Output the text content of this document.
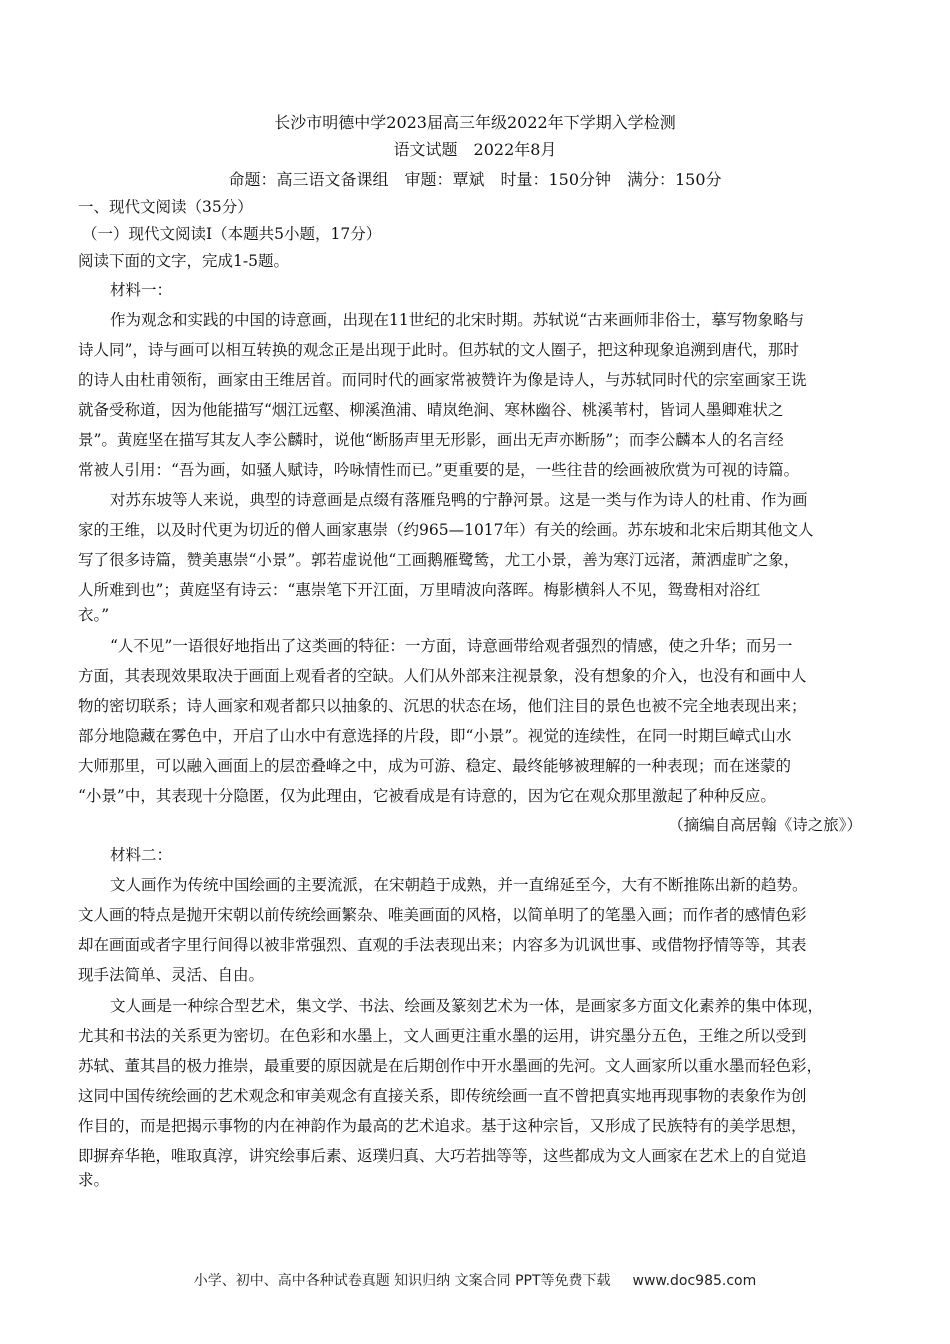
长沙市明德中学2023届高三年级2022年下学期入学检测
语文试题　2022年8月
命题：高三语文备课组　审题：覃斌　时量：150分钟　满分：150分
一、现代文阅读（35分）
（一）现代文阅读Ⅰ（本题共5小题，17分）
阅读下面的文字，完成1-5题。
材料一：
作为观念和实践的中国的诗意画，出现在11世纪的北宋时期。苏轼说“古来画师非俗士，摹写物象略与
诗人同”，诗与画可以相互转换的观念正是出现于此时。但苏轼的文人圈子，把这种现象追溯到唐代，那时
的诗人由杜甫领衔，画家由王维居首。而同时代的画家常被赞许为像是诗人，与苏轼同时代的宗室画家王诜
就备受称道，因为他能描写“烟江远壑、柳溪渔浦、晴岚绝涧、寒林幽谷、桃溪苇村，皆词人墨卿难状之
景”。黄庭坚在描写其友人李公麟时，说他“断肠声里无形影，画出无声亦断肠”；而李公麟本人的名言经
常被人引用：“吾为画，如骚人赋诗，吟咏情性而已。”更重要的是，一些往昔的绘画被欣赏为可视的诗篇。
对苏东坡等人来说，典型的诗意画是点缀有落雁凫鸭的宁静河景。这是一类与作为诗人的杜甫、作为画
家的王维，以及时代更为切近的僧人画家惠崇（约965—1017年）有关的绘画。苏东坡和北宋后期其他文人
写了很多诗篇，赞美惠崇“小景”。郭若虚说他“工画鹅雁鹭鸶，尤工小景，善为寒汀远渚，萧洒虚旷之象，
人所难到也”；黄庭坚有诗云：“惠崇笔下开江面，万里晴波向落晖。梅影横斜人不见，鸳鸯相对浴红
衣。”
“人不见”一语很好地指出了这类画的特征：一方面，诗意画带给观者强烈的情感，使之升华；而另一
方面，其表现效果取决于画面上观看者的空缺。人们从外部来注视景象，没有想象的介入，也没有和画中人
物的密切联系；诗人画家和观者都只以抽象的、沉思的状态在场，他们注目的景色也被不完全地表现出来；
部分地隐藏在雾色中，开启了山水中有意选择的片段，即“小景”。视觉的连续性，在同一时期巨嶂式山水
大师那里，可以融入画面上的层峦叠峰之中，成为可游、稳定、最终能够被理解的一种表现；而在迷蒙的
“小景”中，其表现十分隐匿，仅为此理由，它被看成是有诗意的，因为它在观众那里激起了种种反应。
（摘编自高居翰《诗之旅》）
材料二：
文人画作为传统中国绘画的主要流派，在宋朝趋于成熟，并一直绵延至今，大有不断推陈出新的趋势。
文人画的特点是抛开宋朝以前传统绘画繁杂、唯美画面的风格，以简单明了的笔墨入画；而作者的感情色彩
却在画面或者字里行间得以被非常强烈、直观的手法表现出来；内容多为讥讽世事、或借物抒情等等，其表
现手法简单、灵活、自由。
文人画是一种综合型艺术，集文学、书法、绘画及篆刻艺术为一体，是画家多方面文化素养的集中体现，
尤其和书法的关系更为密切。在色彩和水墨上，文人画更注重水墨的运用，讲究墨分五色，王维之所以受到
苏轼、董其昌的极力推崇，最重要的原因就是在后期创作中开水墨画的先河。文人画家所以重水墨而轻色彩，
这同中国传统绘画的艺术观念和审美观念有直接关系，即传统绘画一直不曾把真实地再现事物的表象作为创
作目的，而是把揭示事物的内在神韵作为最高的艺术追求。基于这种宗旨，又形成了民族特有的美学思想，
即摒弃华艳，唯取真淳，讲究绘事后素、返璞归真、大巧若拙等等，这些都成为文人画家在艺术上的自觉追
求。
小学、初中、高中各种试卷真题 知识归纳 文案合同 PPT等免费下载 www.doc985.com
